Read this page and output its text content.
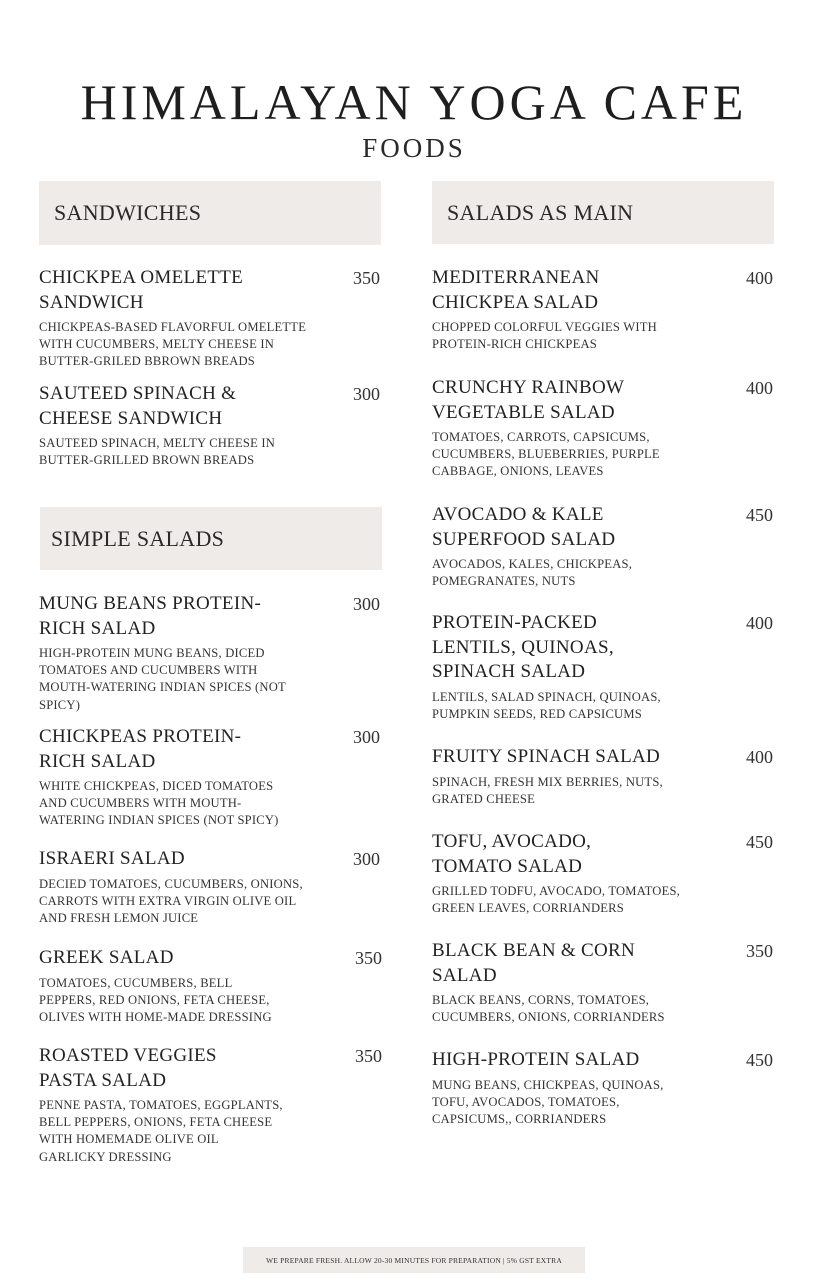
HIMALAYAN YOGA CAFE
FOODS
SANDWICHES
CHICKPEA OMELETTE SANDWICH
350
CHICKPEAS-BASED FLAVORFUL OMELETTE WITH CUCUMBERS, MELTY CHEESE IN BUTTER-GRILED BBROWN BREADS
SAUTEED SPINACH & CHEESE SANDWICH
300
SAUTEED SPINACH, MELTY CHEESE IN BUTTER-GRILLED BROWN BREADS
SIMPLE SALADS
MUNG BEANS PROTEIN-RICH SALAD
300
HIGH-PROTEIN MUNG BEANS, DICED TOMATOES AND CUCUMBERS WITH MOUTH-WATERING INDIAN SPICES (NOT SPICY)
CHICKPEAS PROTEIN-RICH SALAD
300
WHITE CHICKPEAS, DICED TOMATOES AND CUCUMBERS WITH MOUTH-WATERING INDIAN SPICES (NOT SPICY)
ISRAERI SALAD	300
DECIED TOMATOES, CUCUMBERS, ONIONS, CARROTS WITH EXTRA VIRGIN OLIVE OIL AND FRESH LEMON JUICE
GREEK SALAD	350
TOMATOES, CUCUMBERS, BELL PEPPERS, RED ONIONS, FETA CHEESE, OLIVES WITH HOME-MADE DRESSING
ROASTED VEGGIES PASTA SALAD
350
PENNE PASTA, TOMATOES, EGGPLANTS, BELL PEPPERS, ONIONS, FETA CHEESE WITH HOMEMADE OLIVE OIL GARLICKY DRESSING
SALADS AS MAIN
MEDITERRANEAN CHICKPEA SALAD
400
CHOPPED COLORFUL VEGGIES WITH PROTEIN-RICH CHICKPEAS
CRUNCHY RAINBOW VEGETABLE SALAD
400
TOMATOES, CARROTS, CAPSICUMS, CUCUMBERS, BLUEBERRIES, PURPLE CABBAGE, ONIONS, LEAVES
AVOCADO & KALE SUPERFOOD SALAD
450
AVOCADOS, KALES, CHICKPEAS, POMEGRANATES, NUTS
PROTEIN-PACKED LENTILS, QUINOAS, SPINACH SALAD
400
LENTILS, SALAD SPINACH, QUINOAS, PUMPKIN SEEDS, RED CAPSICUMS
FRUITY SPINACH SALAD	400
SPINACH, FRESH MIX BERRIES, NUTS, GRATED CHEESE
TOFU, AVOCADO, TOMATO SALAD
450
GRILLED TODFU, AVOCADO, TOMATOES, GREEN LEAVES, CORRIANDERS
BLACK BEAN & CORN SALAD
350
BLACK BEANS, CORNS, TOMATOES, CUCUMBERS, ONIONS, CORRIANDERS
HIGH-PROTEIN SALAD	450
MUNG BEANS, CHICKPEAS, QUINOAS, TOFU, AVOCADOS, TOMATOES, CAPSICUMS,, CORRIANDERS
WE PREPARE FRESH. ALLOW 20-30 MINUTES FOR PREPARATION | 5% GST EXTRA
